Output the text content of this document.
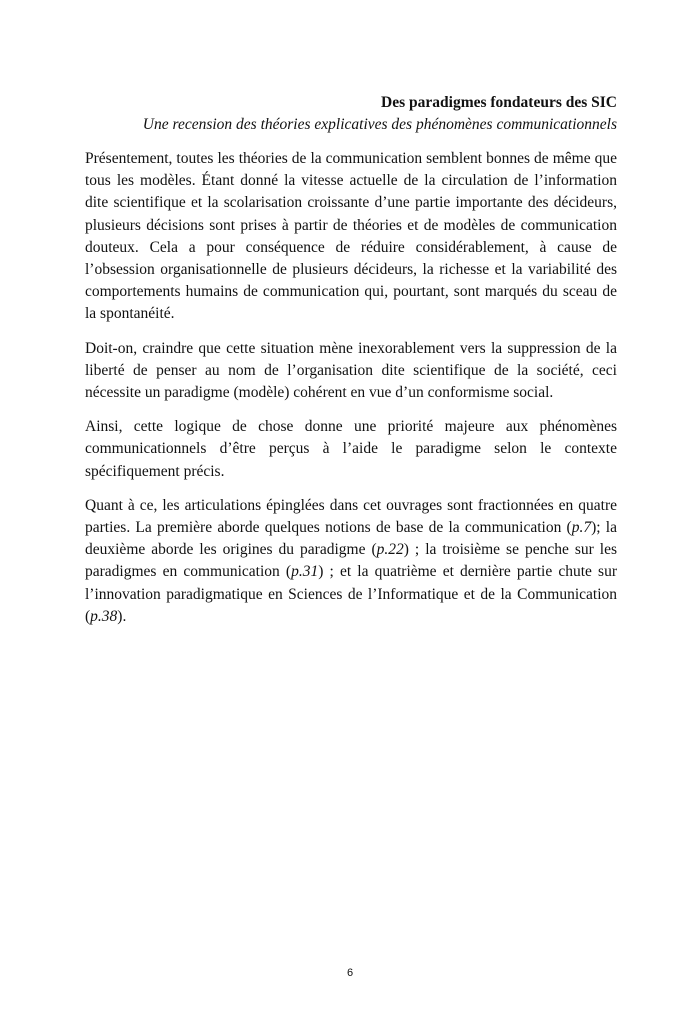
Des paradigmes fondateurs des SIC

Une recension des théories explicatives des phénomènes communicationnels

Présentement, toutes les théories de la communication semblent bonnes de même que tous les modèles. Étant donné la vitesse actuelle de la circulation de l’information dite scientifique et la scolarisation croissante d’une partie importante des décideurs, plusieurs décisions sont prises à partir de théories et de modèles de communication douteux. Cela a pour conséquence de réduire considérablement, à cause de l’obsession organisationnelle de plusieurs décideurs, la richesse et la variabilité des comportements humains de communication qui, pourtant, sont marqués du sceau de la spontanéité.

Doit-on, craindre que cette situation mène inexorablement vers la suppression de la liberté de penser au nom de l’organisation dite scientifique de la société, ceci nécessite un paradigme (modèle) cohérent en vue d’un conformisme social.

Ainsi, cette logique de chose donne une priorité majeure aux phénomènes communicationnels d’être perçus à l’aide le paradigme selon le contexte spécifiquement précis.

Quant à ce, les articulations épinglées dans cet ouvrages sont fractionnées en quatre parties. La première aborde quelques notions de base de la communication (p.7); la deuxième aborde les origines du paradigme (p.22) ; la troisième se penche sur les paradigmes en communication (p.31) ; et la quatrième et dernière partie chute sur l’innovation paradigmatique en Sciences de l’Informatique et de la Communication (p.38).

6
